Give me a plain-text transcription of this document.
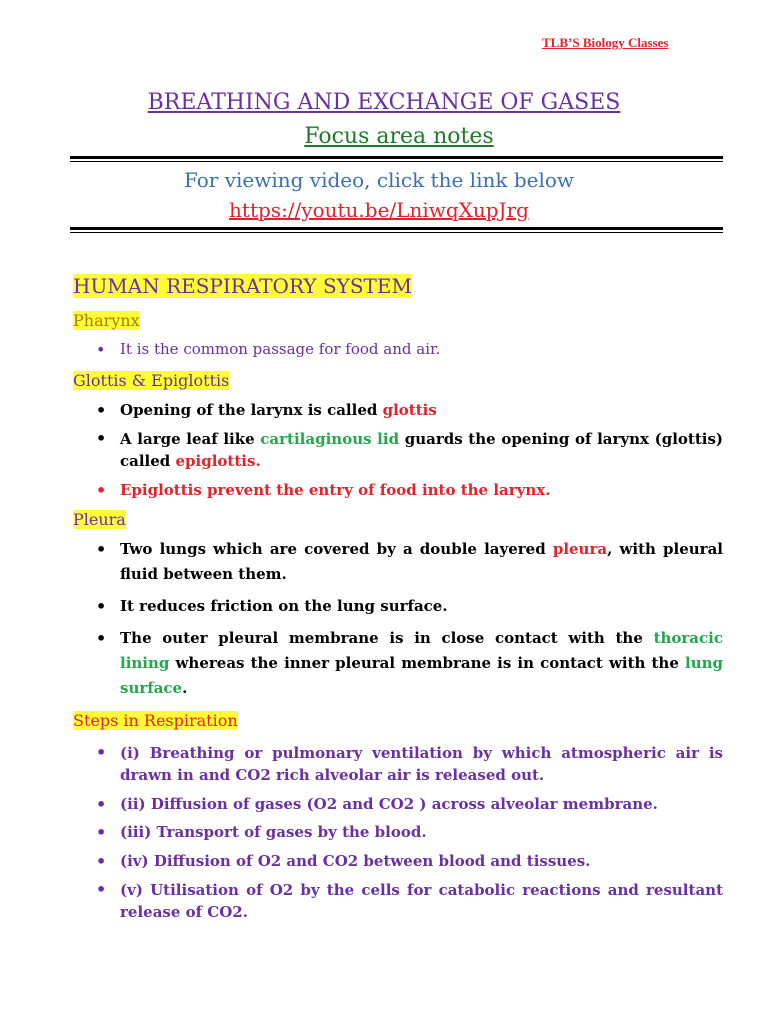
TLB’S Biology Classes
BREATHING AND EXCHANGE OF GASES
Focus area notes
For viewing video, click the link below
https://youtu.be/LniwqXupJrg
HUMAN RESPIRATORY SYSTEM
Pharynx
• It is the common passage for food and air.
Glottis & Epiglottis
• Opening of the larynx is called glottis
• A large leaf like cartilaginous lid guards the opening of larynx (glottis) called epiglottis.
• Epiglottis prevent the entry of food into the larynx.
Pleura
• Two lungs which are covered by a double layered pleura, with pleural fluid between them.
• It reduces friction on the lung surface.
• The outer pleural membrane is in close contact with the thoracic lining whereas the inner pleural membrane is in contact with the lung surface.
Steps in Respiration
• (i) Breathing or pulmonary ventilation by which atmospheric air is drawn in and CO2 rich alveolar air is released out.
• (ii) Diffusion of gases (O2 and CO2 ) across alveolar membrane.
• (iii) Transport of gases by the blood.
• (iv) Diffusion of O2 and CO2 between blood and tissues.
• (v) Utilisation of O2 by the cells for catabolic reactions and resultant release of CO2.
